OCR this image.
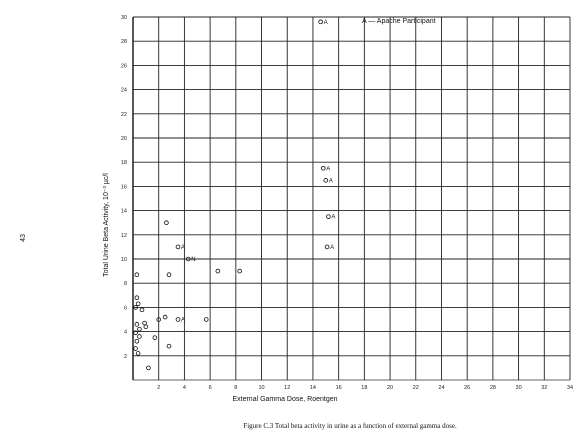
2	4	6	8	10	12	14	16	18	20	22	24	26	28	30	32	34
2
4
6
8
10
12
14
16
18
20
22
24
26
28
30
A
A
A
A
A
A
N
A
A — Apache Participant
External Gamma Dose, Roentgen
Total Urine Beta Activity, 10⁻³ µc/l
43
Figure C.3 Total beta activity in urine as a function of external gamma dose.
